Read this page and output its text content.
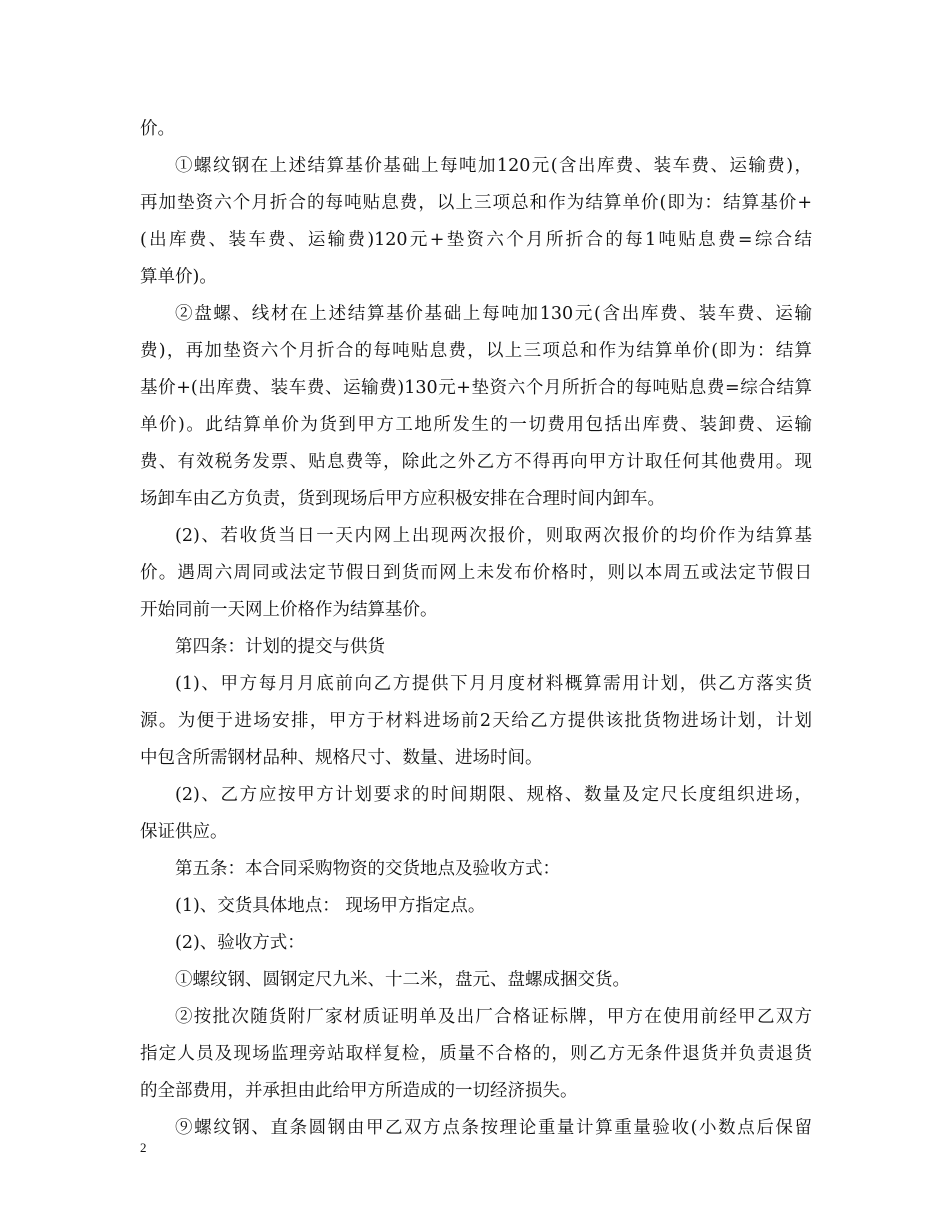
价。
①螺纹钢在上述结算基价基础上每吨加120元(含出库费、装车费、运输费)，
再加垫资六个月折合的每吨贴息费，以上三项总和作为结算单价(即为：结算基价+
(出库费、装车费、运输费)120元+垫资六个月所折合的每1吨贴息费=综合结
算单价)。
②盘螺、线材在上述结算基价基础上每吨加130元(含出库费、装车费、运输
费)，再加垫资六个月折合的每吨贴息费，以上三项总和作为结算单价(即为：结算
基价+(出库费、装车费、运输费)130元+垫资六个月所折合的每吨贴息费=综合结算
单价)。此结算单价为货到甲方工地所发生的一切费用包括出库费、装卸费、运输
费、有效税务发票、贴息费等，除此之外乙方不得再向甲方计取任何其他费用。现
场卸车由乙方负责，货到现场后甲方应积极安排在合理时间内卸车。
(2)、若收货当日一天内网上出现两次报价，则取两次报价的均价作为结算基
价。遇周六周同或法定节假日到货而网上未发布价格时，则以本周五或法定节假日
开始同前一天网上价格作为结算基价。
第四条：计划的提交与供货
(1)、甲方每月月底前向乙方提供下月月度材料概算需用计划，供乙方落实货
源。为便于进场安排，甲方于材料进场前2天给乙方提供该批货物进场计划，计划
中包含所需钢材品种、规格尺寸、数量、进场时间。
(2)、乙方应按甲方计划要求的时间期限、规格、数量及定尺长度组织进场，
保证供应。
第五条：本合同采购物资的交货地点及验收方式：
(1)、交货具体地点： 现场甲方指定点。
(2)、验收方式：
①螺纹钢、圆钢定尺九米、十二米，盘元、盘螺成捆交货。
②按批次随货附厂家材质证明单及出厂合格证标牌，甲方在使用前经甲乙双方
指定人员及现场监理旁站取样复检，质量不合格的，则乙方无条件退货并负责退货
的全部费用，并承担由此给甲方所造成的一切经济损失。
⑨螺纹钢、直条圆钢由甲乙双方点条按理论重量计算重量验收(小数点后保留
2
